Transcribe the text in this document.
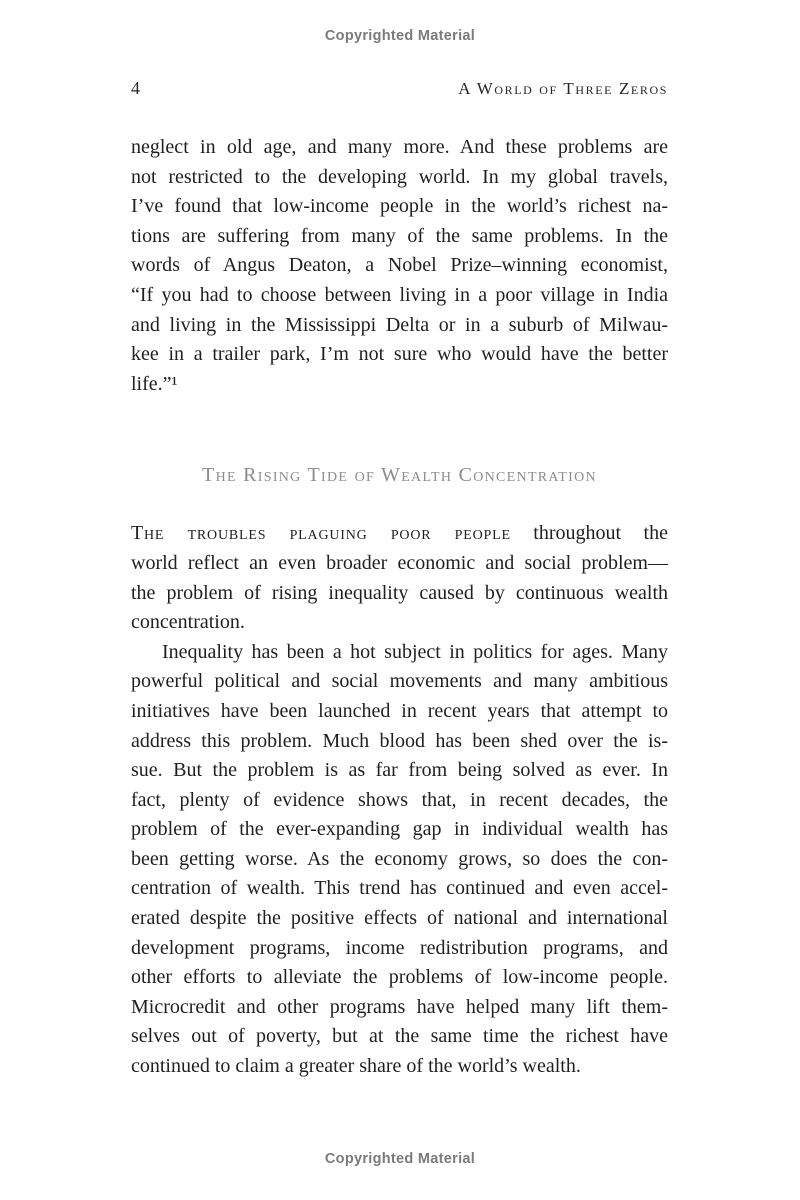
Copyrighted Material
4	A World of Three Zeros
neglect in old age, and many more. And these problems are
not restricted to the developing world. In my global travels,
I’ve found that low-income people in the world’s richest na-
tions are suffering from many of the same problems. In the
words of Angus Deaton, a Nobel Prize–winning economist,
“If you had to choose between living in a poor village in India
and living in the Mississippi Delta or in a suburb of Milwau-
kee in a trailer park, I’m not sure who would have the better
life.”¹
The Rising Tide of Wealth Concentration
The troubles plaguing poor people throughout the
world reflect an even broader economic and social problem—
the problem of rising inequality caused by continuous wealth
concentration.
Inequality has been a hot subject in politics for ages. Many
powerful political and social movements and many ambitious
initiatives have been launched in recent years that attempt to
address this problem. Much blood has been shed over the is-
sue. But the problem is as far from being solved as ever. In
fact, plenty of evidence shows that, in recent decades, the
problem of the ever-expanding gap in individual wealth has
been getting worse. As the economy grows, so does the con-
centration of wealth. This trend has continued and even accel-
erated despite the positive effects of national and international
development programs, income redistribution programs, and
other efforts to alleviate the problems of low-income people.
Microcredit and other programs have helped many lift them-
selves out of poverty, but at the same time the richest have
continued to claim a greater share of the world’s wealth.
Copyrighted Material
